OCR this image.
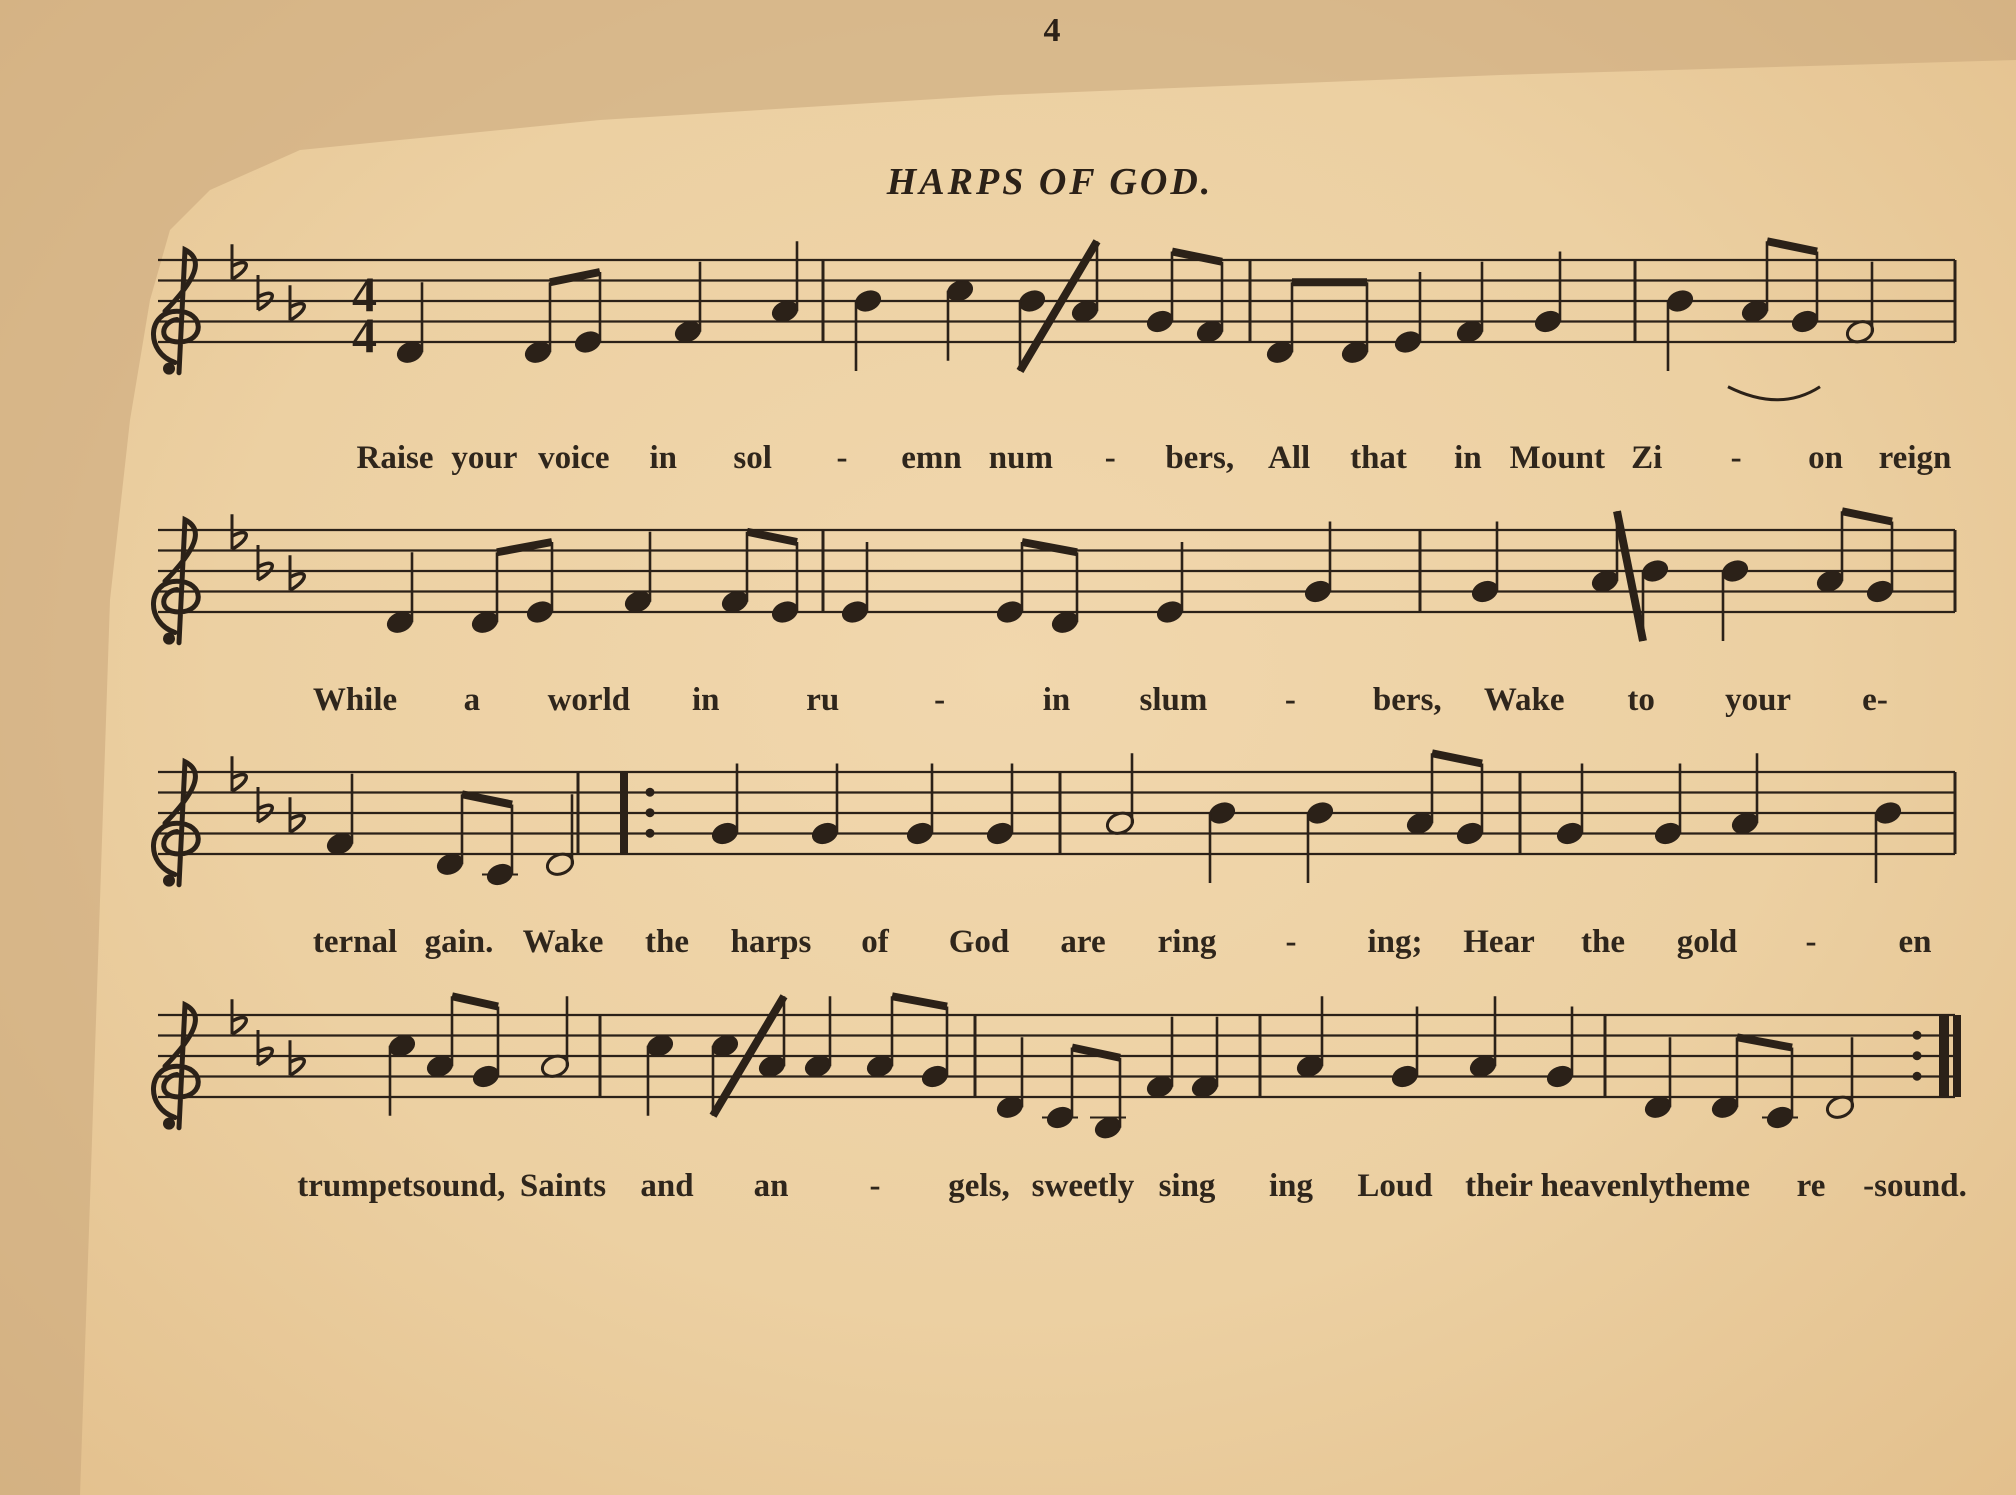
4
HARPS OF GOD.
4
4
Raise your voice in sol - emn num - bers, All that in Mount Zi - on reign
While a world in	ru	-	in slum - bers, Wake to your e-
ternal gain. Wake the harps of God are ring - ing; Hear the gold - en
trumpet sound, Saints and an - gels, sweetly sing ing Loud their heavenly
theme re -sound.
